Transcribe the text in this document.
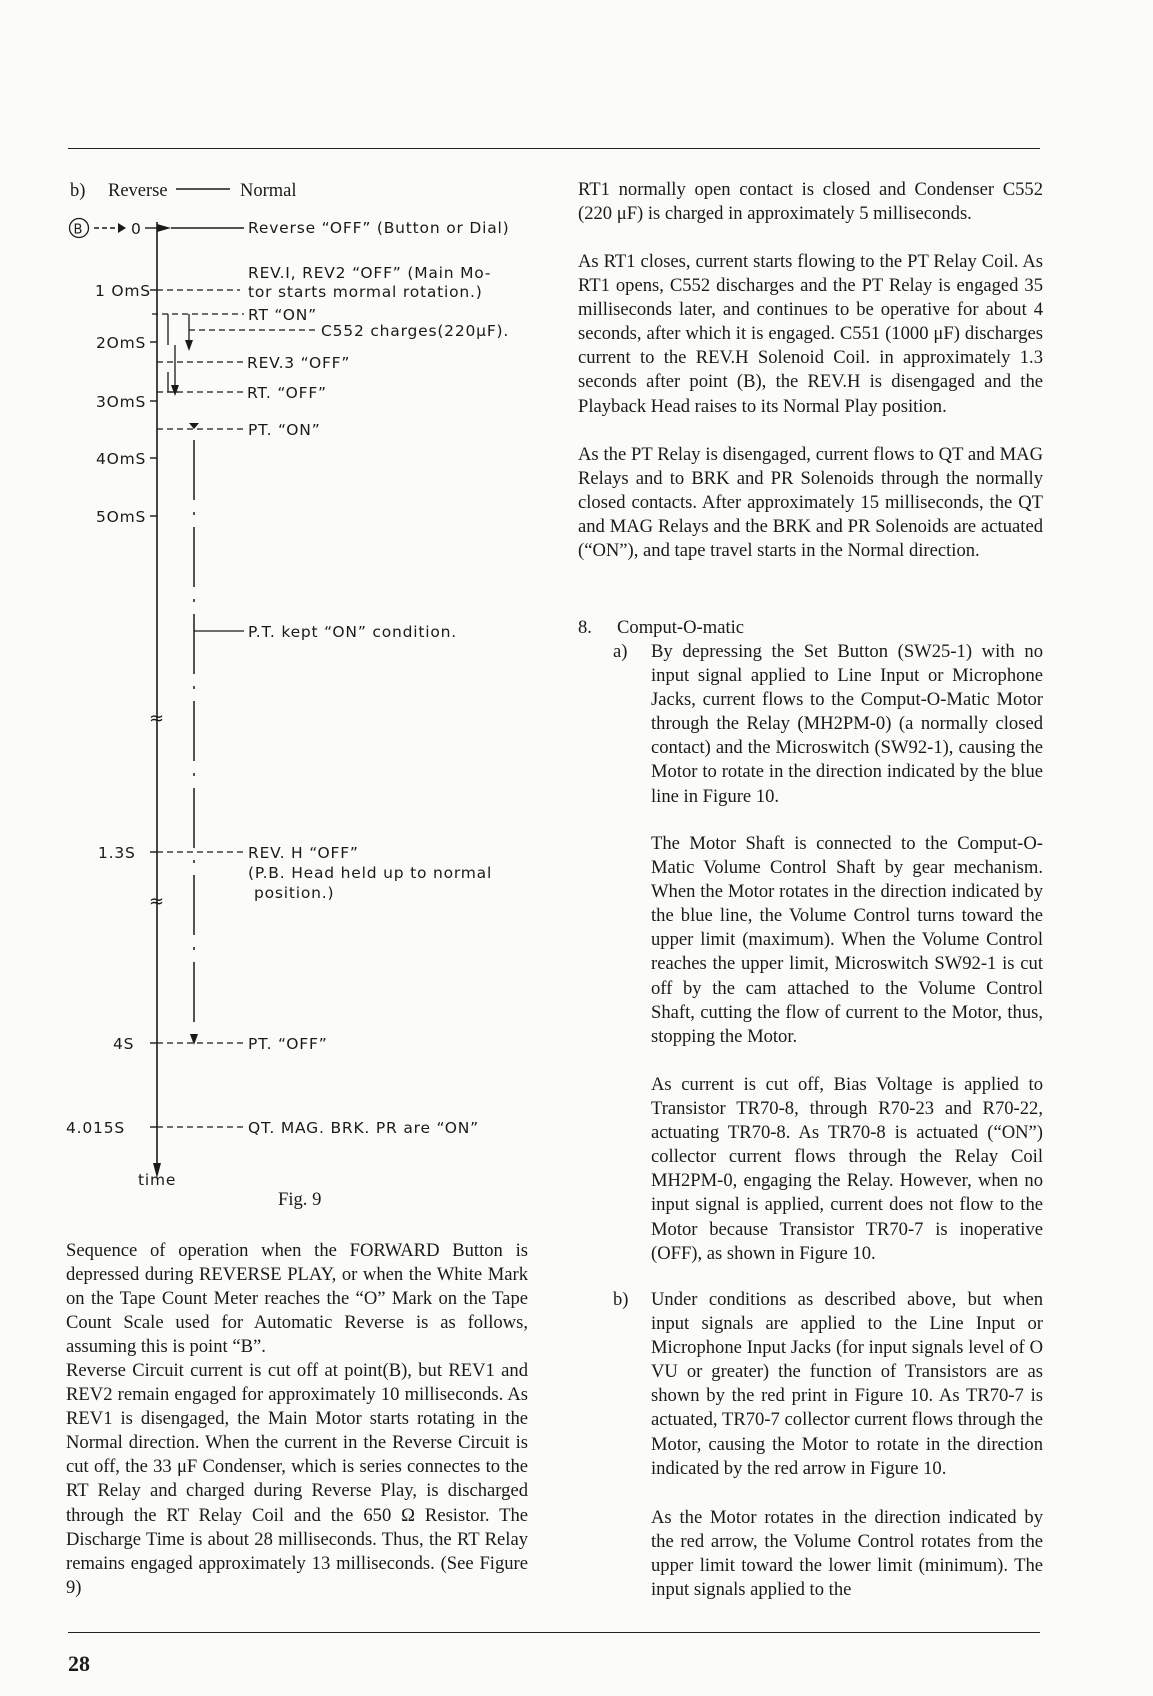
b) Reverse	Normal
B	0
time
≈
≈
Reverse “OFF” (Button or Dial)
1 OmS
2OmS
3OmS
4OmS
5OmS
1.3S
4S
4.015S
REV.I, REV2 “OFF” (Main Mo-
tor starts mormal rotation.)
RT “ON”
C552 charges(220μF).
REV.3 “OFF”
RT. “OFF”
PT. “ON”
P.T. kept “ON” condition.
REV. H “OFF”
(P.B. Head held up to normal
position.)
PT. “OFF”
QT. MAG. BRK. PR are “ON”
Fig. 9

Sequence of operation when the FORWARD Button is depressed during REVERSE PLAY, or when the White Mark on the Tape Count Meter reaches the “O” Mark on the Tape Count Scale used for Automatic Reverse is as follows, assuming this is point “B”.

Reverse Circuit current is cut off at point(B), but REV1 and REV2 remain engaged for approximately 10 milliseconds. As REV1 is disengaged, the Main Motor starts rotating in the Normal direction. When the current in the Reverse Circuit is cut off, the 33 μF Condenser, which is series connectes to the RT Relay and charged during Reverse Play, is discharged through the RT Relay Coil and the 650 Ω Resistor. The Discharge Time is about 28 milliseconds. Thus, the RT Relay remains engaged approximately 13 milliseconds. (See Figure 9)

RT1 normally open contact is closed and Condenser C552 (220 μF) is charged in approximately 5 milliseconds.

As RT1 closes, current starts flowing to the PT Relay Coil. As RT1 opens, C552 discharges and the PT Relay is engaged 35 milliseconds later, and continues to be operative for about 4 seconds, after which it is engaged. C551 (1000 μF) discharges current to the REV.H Solenoid Coil. in approximately 1.3 seconds after point (B), the REV.H is disengaged and the Playback Head raises to its Normal Play position.

As the PT Relay is disengaged, current flows to QT and MAG Relays and to BRK and PR Solenoids through the normally closed contacts. After approximately 15 milliseconds, the QT and MAG Relays and the BRK and PR Solenoids are actuated (“ON”), and tape travel starts in the Normal direction.

8. Comput-O-matic
a) By depressing the Set Button (SW25-1) with no input signal applied to Line Input or Microphone Jacks, current flows to the Comput-O-Matic Motor through the Relay (MH2PM-0) (a normally closed contact) and the Microswitch (SW92-1), causing the Motor to rotate in the direction indicated by the blue line in Figure 10.

The Motor Shaft is connected to the Comput-O-Matic Volume Control Shaft by gear mechanism. When the Motor rotates in the direction indicated by the blue line, the Volume Control turns toward the upper limit (maximum). When the Volume Control reaches the upper limit, Microswitch SW92-1 is cut off by the cam attached to the Volume Control Shaft, cutting the flow of current to the Motor, thus, stopping the Motor.

As current is cut off, Bias Voltage is applied to Transistor TR70-8, through R70-23 and R70-22, actuating TR70-8. As TR70-8 is actuated (“ON”) collector current flows through the Relay Coil MH2PM-0, engaging the Relay. However, when no input signal is applied, current does not flow to the Motor because Transistor TR70-7 is inoperative (OFF), as shown in Figure 10.

b) Under conditions as described above, but when input signals are applied to the Line Input or Microphone Input Jacks (for input signals level of O VU or greater) the function of Transistors are as shown by the red print in Figure 10. As TR70-7 is actuated, TR70-7 collector current flows through the Motor, causing the Motor to rotate in the direction indicated by the red arrow in Figure 10.

As the Motor rotates in the direction indicated by the red arrow, the Volume Control rotates from the upper limit toward the lower limit (minimum). The input signals applied to the

28
